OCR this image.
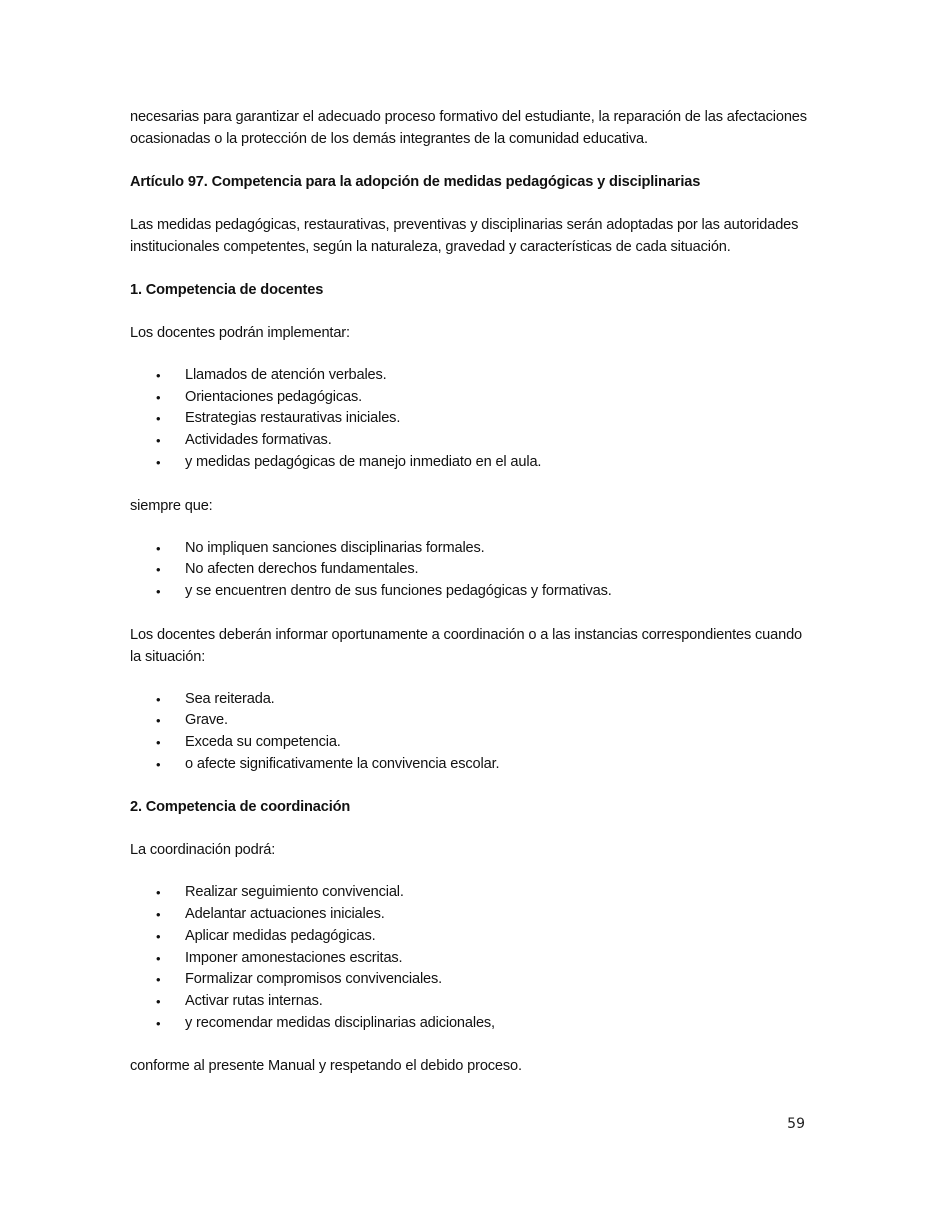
necesarias para garantizar el adecuado proceso formativo del estudiante, la reparación de las afectaciones ocasionadas o la protección de los demás integrantes de la comunidad educativa.

Artículo 97. Competencia para la adopción de medidas pedagógicas y disciplinarias

Las medidas pedagógicas, restaurativas, preventivas y disciplinarias serán adoptadas por las autoridades institucionales competentes, según la naturaleza, gravedad y características de cada situación.

1. Competencia de docentes

Los docentes podrán implementar:

• Llamados de atención verbales.
• Orientaciones pedagógicas.
• Estrategias restaurativas iniciales.
• Actividades formativas.
• y medidas pedagógicas de manejo inmediato en el aula.

siempre que:

• No impliquen sanciones disciplinarias formales.
• No afecten derechos fundamentales.
• y se encuentren dentro de sus funciones pedagógicas y formativas.

Los docentes deberán informar oportunamente a coordinación o a las instancias correspondientes cuando la situación:

• Sea reiterada.
• Grave.
• Exceda su competencia.
• o afecte significativamente la convivencia escolar.

2. Competencia de coordinación

La coordinación podrá:

• Realizar seguimiento convivencial.
• Adelantar actuaciones iniciales.
• Aplicar medidas pedagógicas.
• Imponer amonestaciones escritas.
• Formalizar compromisos convivenciales.
• Activar rutas internas.
• y recomendar medidas disciplinarias adicionales,

conforme al presente Manual y respetando el debido proceso.

59
